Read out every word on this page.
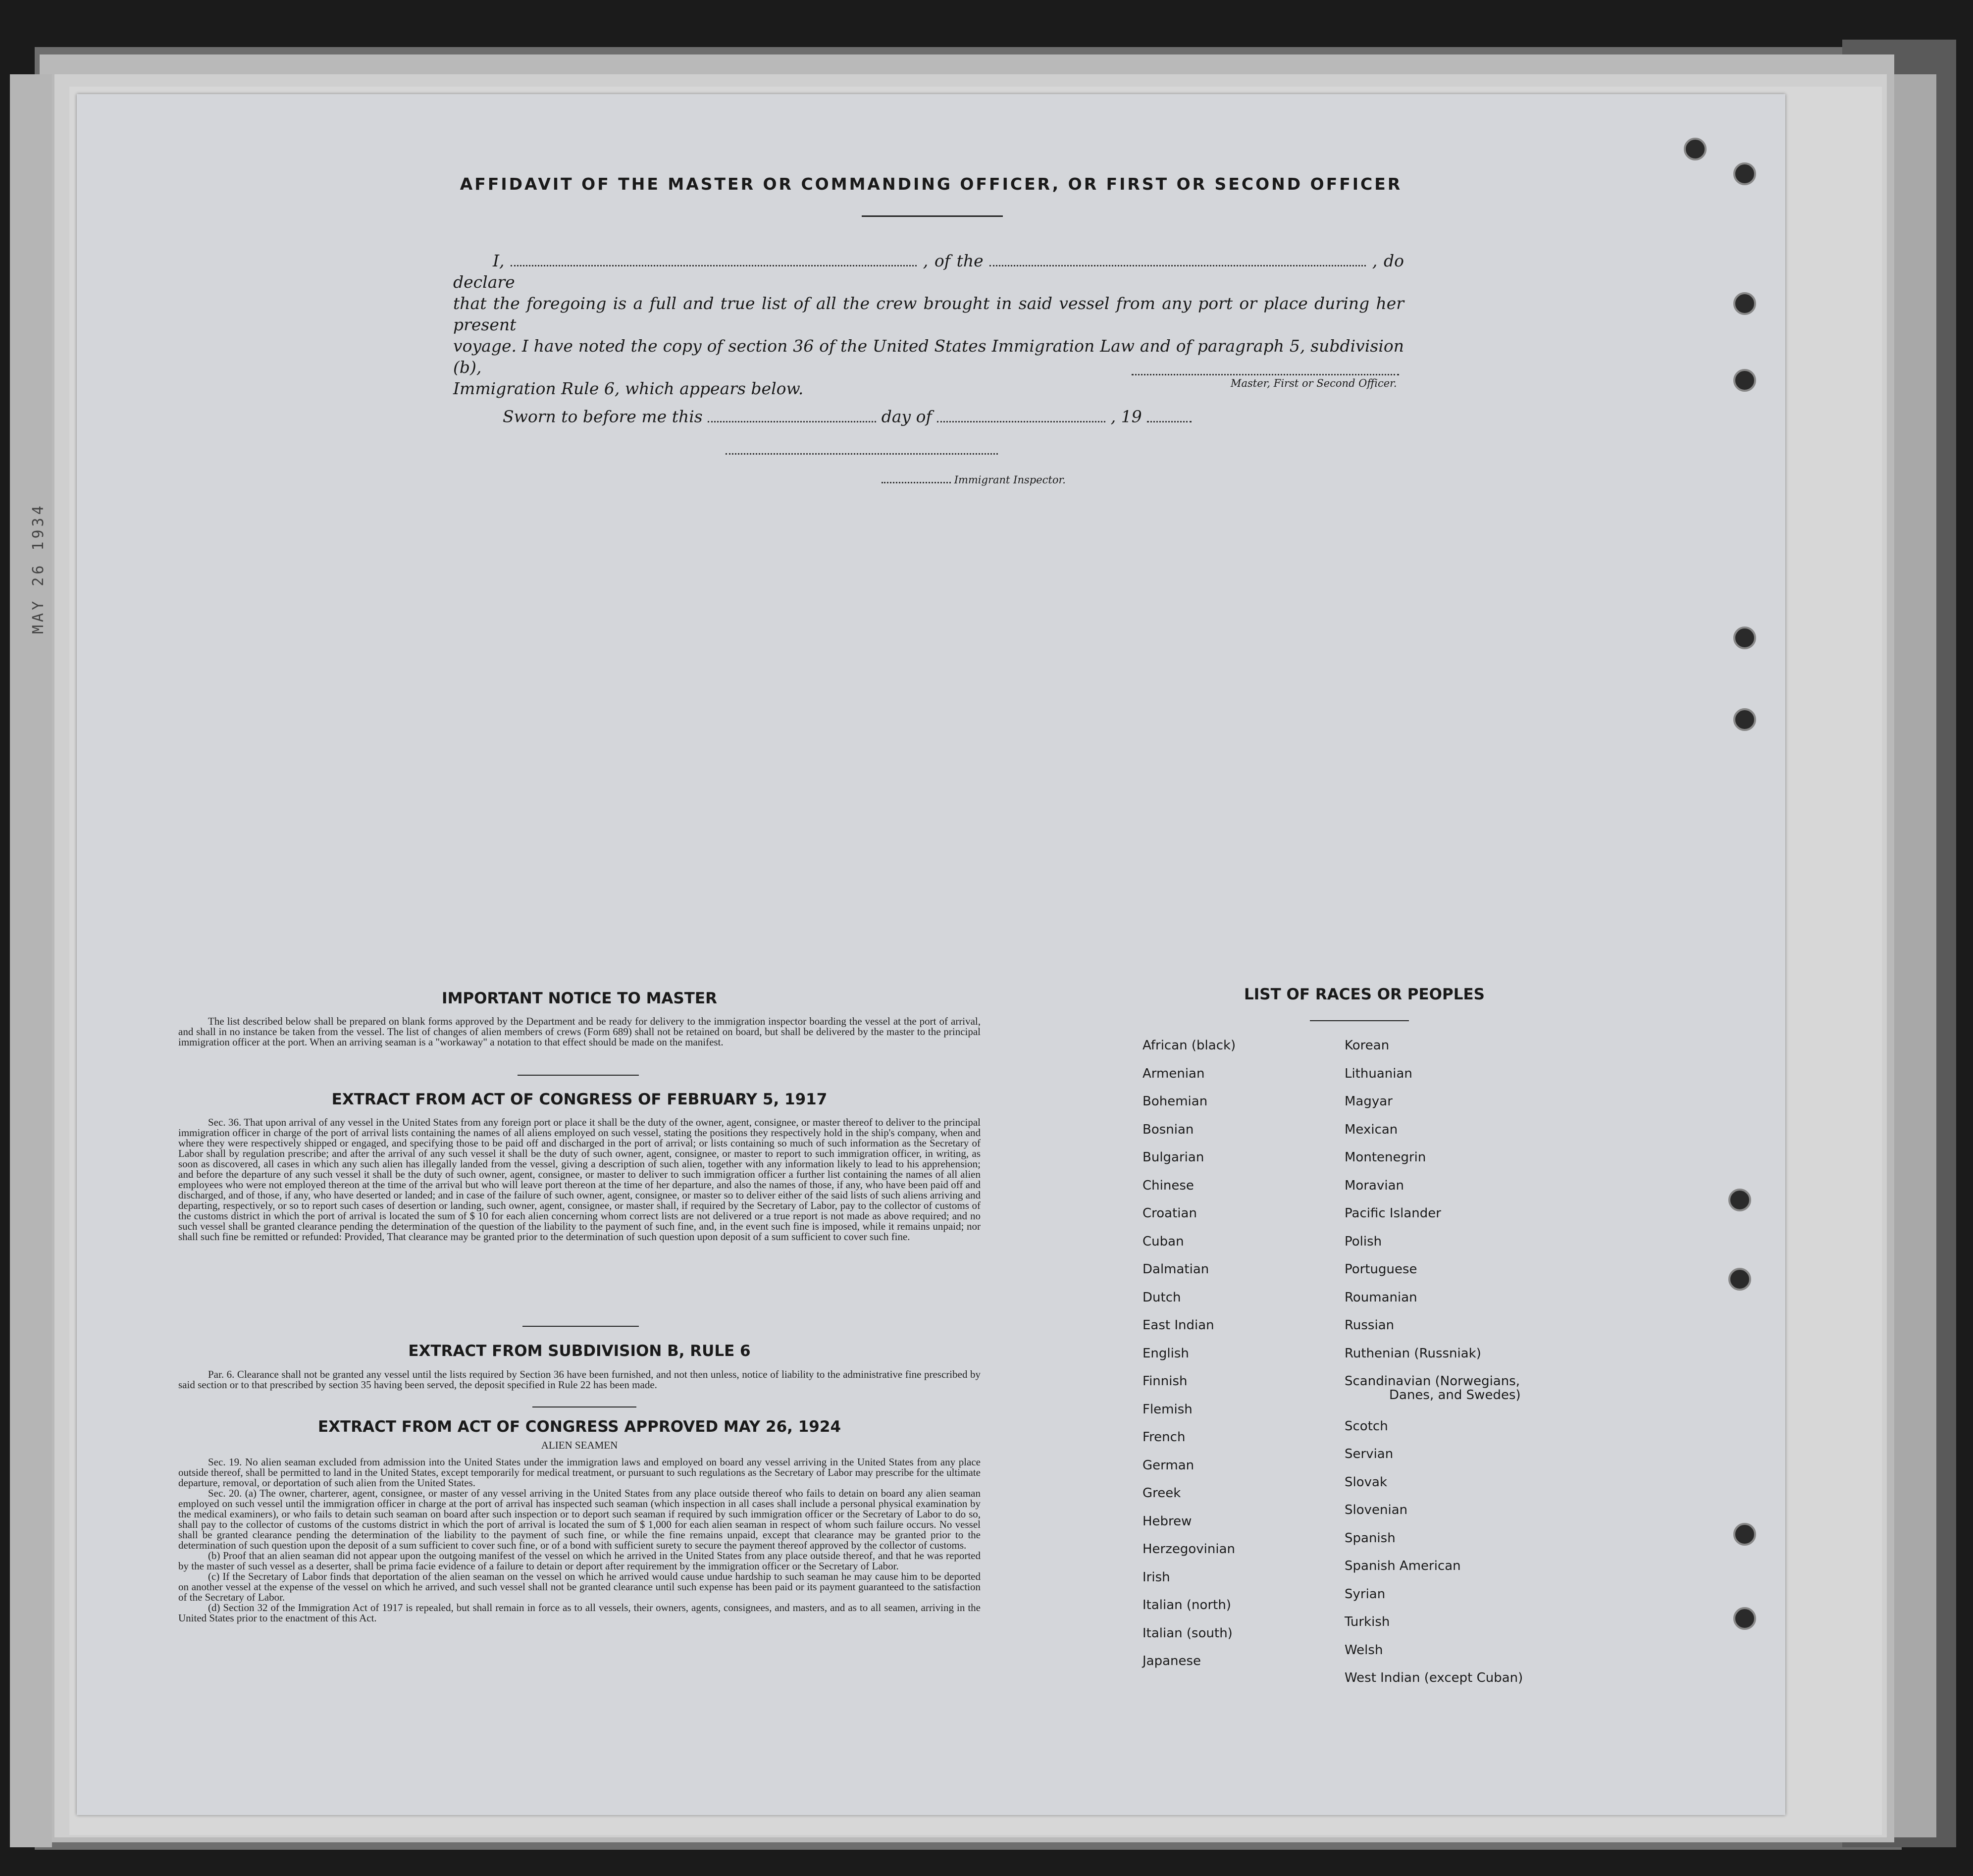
MAY 26 1934
AFFIDAVIT OF THE MASTER OR COMMANDING OFFICER, OR FIRST OR SECOND OFFICER
I,	, of the	, do declare
that the foregoing is a full and true list of all the crew brought in said vessel from any port or place during her present
voyage. I have noted the copy of section 36 of the United States Immigration Law and of paragraph 5, subdivision (b),
Immigration Rule 6, which appears below.	Master, First or Second Officer.
Sworn to before me this	day of	, 19
Immigrant Inspector.
IMPORTANT NOTICE TO MASTER

The list described below shall be prepared on blank forms approved by the Department and be ready for delivery to the immigration inspector boarding the vessel at the port of arrival, and shall in no instance be taken from the vessel. The list of changes of alien members of crews (Form 689) shall not be retained on board, but shall be delivered by the master to the principal immigration officer at the port. When an arriving seaman is a "workaway" a notation to that effect should be made on the manifest.

EXTRACT FROM ACT OF CONGRESS OF FEBRUARY 5, 1917

Sec. 36. That upon arrival of any vessel in the United States from any foreign port or place it shall be the duty of the owner, agent, consignee, or master thereof to deliver to the principal immigration officer in charge of the port of arrival lists containing the names of all aliens employed on such vessel, stating the positions they respectively hold in the ship's company, when and where they were respectively shipped or engaged, and specifying those to be paid off and discharged in the port of arrival; or lists containing so much of such information as the Secretary of Labor shall by regulation prescribe; and after the arrival of any such vessel it shall be the duty of such owner, agent, consignee, or master to report to such immigration officer, in writing, as soon as discovered, all cases in which any such alien has illegally landed from the vessel, giving a description of such alien, together with any information likely to lead to his apprehension; and before the departure of any such vessel it shall be the duty of such owner, agent, consignee, or master to deliver to such immigration officer a further list containing the names of all alien employees who were not employed thereon at the time of the arrival but who will leave port thereon at the time of her departure, and also the names of those, if any, who have been paid off and discharged, and of those, if any, who have deserted or landed; and in case of the failure of such owner, agent, consignee, or master so to deliver either of the said lists of such aliens arriving and departing, respectively, or so to report such cases of desertion or landing, such owner, agent, consignee, or master shall, if required by the Secretary of Labor, pay to the collector of customs of the customs district in which the port of arrival is located the sum of $ 10 for each alien concerning whom correct lists are not delivered or a true report is not made as above required; and no such vessel shall be granted clearance pending the determination of the question of the liability to the payment of such fine, and, in the event such fine is imposed, while it remains unpaid; nor shall such fine be remitted or refunded: Provided, That clearance may be granted prior to the determination of such question upon deposit of a sum sufficient to cover such fine.

EXTRACT FROM SUBDIVISION B, RULE 6

Par. 6. Clearance shall not be granted any vessel until the lists required by Section 36 have been furnished, and not then unless, notice of liability to the administrative fine prescribed by said section or to that prescribed by section 35 having been served, the deposit specified in Rule 22 has been made.

EXTRACT FROM ACT OF CONGRESS APPROVED MAY 26, 1924
ALIEN SEAMEN

Sec. 19. No alien seaman excluded from admission into the United States under the immigration laws and employed on board any vessel arriving in the United States from any place outside thereof, shall be permitted to land in the United States, except temporarily for medical treatment, or pursuant to such regulations as the Secretary of Labor may prescribe for the ultimate departure, removal, or deportation of such alien from the United States.

Sec. 20. (a) The owner, charterer, agent, consignee, or master of any vessel arriving in the United States from any place outside thereof who fails to detain on board any alien seaman employed on such vessel until the immigration officer in charge at the port of arrival has inspected such seaman (which inspection in all cases shall include a personal physical examination by the medical examiners), or who fails to detain such seaman on board after such inspection or to deport such seaman if required by such immigration officer or the Secretary of Labor to do so, shall pay to the collector of customs of the customs district in which the port of arrival is located the sum of $ 1,000 for each alien seaman in respect of whom such failure occurs. No vessel shall be granted clearance pending the determination of the liability to the payment of such fine, or while the fine remains unpaid, except that clearance may be granted prior to the determination of such question upon the deposit of a sum sufficient to cover such fine, or of a bond with sufficient surety to secure the payment thereof approved by the collector of customs.

(b) Proof that an alien seaman did not appear upon the outgoing manifest of the vessel on which he arrived in the United States from any place outside thereof, and that he was reported by the master of such vessel as a deserter, shall be prima facie evidence of a failure to detain or deport after requirement by the immigration officer or the Secretary of Labor.

(c) If the Secretary of Labor finds that deportation of the alien seaman on the vessel on which he arrived would cause undue hardship to such seaman he may cause him to be deported on another vessel at the expense of the vessel on which he arrived, and such vessel shall not be granted clearance until such expense has been paid or its payment guaranteed to the satisfaction of the Secretary of Labor.

(d) Section 32 of the Immigration Act of 1917 is repealed, but shall remain in force as to all vessels, their owners, agents, consignees, and masters, and as to all seamen, arriving in the United States prior to the enactment of this Act.

LIST OF RACES OR PEOPLES
African (black)
Armenian
Bohemian
Bosnian
Bulgarian
Chinese
Croatian
Cuban
Dalmatian
Dutch
East Indian
English
Finnish
Flemish
French
German
Greek
Hebrew
Herzegovinian
Irish
Italian (north)
Italian (south)
Japanese
Korean
Lithuanian
Magyar
Mexican
Montenegrin
Moravian
Pacific Islander
Polish
Portuguese
Roumanian
Russian
Ruthenian (Russniak)
Scandinavian (Norwegians,
Danes, and Swedes)
Scotch
Servian
Slovak
Slovenian
Spanish
Spanish American
Syrian
Turkish
Welsh
West Indian (except Cuban)
